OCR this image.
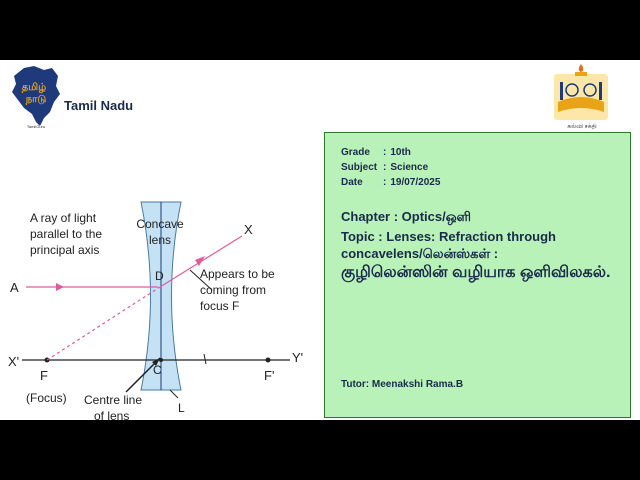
தமிழ்
நாடு
TamilGuru
Tamil Nadu
கல்வி சக்தி
A ray of light
parallel to the
principal axis
Concave
lens
X
Appears to be
coming from
focus F
A
D
X'	Y'
F
(Focus)
C	F'
L
Centre line
of lens
Grade : 10th
Subject : Science
Date : 19/07/2025
Chapter : Optics/ஒளி
Topic : Lenses: Refraction through concavelens/லென்ஸ்கள் :
குழிலென்ஸின் வழியாக ஒளிவிலகல்.
Tutor: Meenakshi Rama.B
